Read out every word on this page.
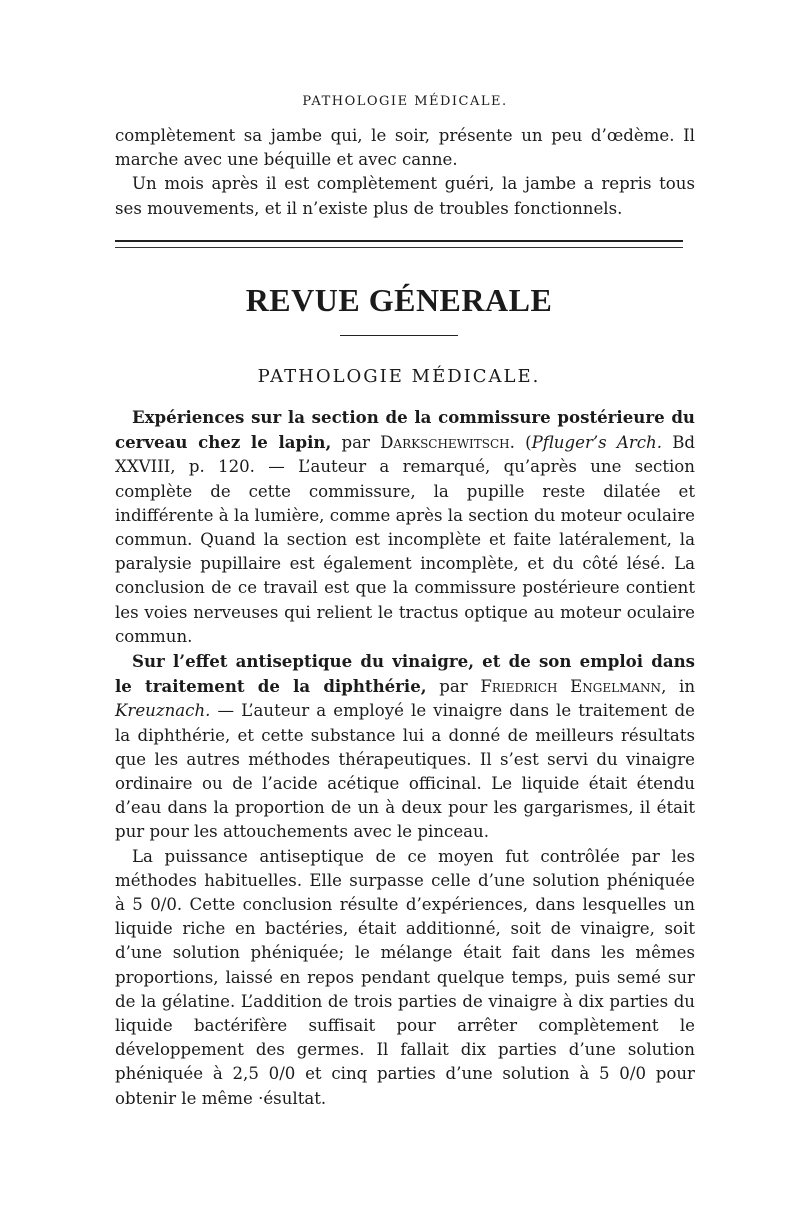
PATHOLOGIE MÉDICALE.

complètement sa jambe qui, le soir, présente un peu d’œdème. Il marche avec une béquille et avec canne.

Un mois après il est complètement guéri, la jambe a repris tous ses mouvements, et il n’existe plus de troubles fonctionnels.

REVUE GÉNERALE
PATHOLOGIE MÉDICALE.

Expériences sur la section de la commissure postérieure du cerveau chez le lapin, par Darkschewitsch. (Pfluger’s Arch. Bd XXVIII, p. 120. — L’auteur a remarqué, qu’après une section complète de cette commissure, la pupille reste dilatée et indifférente à la lumière, comme après la section du moteur oculaire commun. Quand la section est incomplète et faite latéralement, la paralysie pupillaire est également incomplète, et du côté lésé. La conclusion de ce travail est que la commissure postérieure contient les voies nerveuses qui relient le tractus optique au moteur oculaire commun.

Sur l’effet antiseptique du vinaigre, et de son emploi dans le traitement de la diphthérie, par Friedrich Engelmann, in Kreuznach. — L’auteur a employé le vinaigre dans le traitement de la diphthérie, et cette substance lui a donné de meilleurs résultats que les autres méthodes thérapeutiques. Il s’est servi du vinaigre ordinaire ou de l’acide acétique officinal. Le liquide était étendu d’eau dans la proportion de un à deux pour les gargarismes, il était pur pour les attouchements avec le pinceau.

La puissance antiseptique de ce moyen fut contrôlée par les méthodes habituelles. Elle surpasse celle d’une solution phéniquée à 5 0/0. Cette conclusion résulte d’expériences, dans lesquelles un liquide riche en bactéries, était additionné, soit de vinaigre, soit d’une solution phéniquée; le mélange était fait dans les mêmes proportions, laissé en repos pendant quelque temps, puis semé sur de la gélatine. L’addition de trois parties de vinaigre à dix parties du liquide bactérifère suffisait pour arrêter complètement le développement des germes. Il fallait dix parties d’une solution phéniquée à 2,5 0/0 et cinq parties d’une solution à 5 0/0 pour obtenir le même ·ésultat.
